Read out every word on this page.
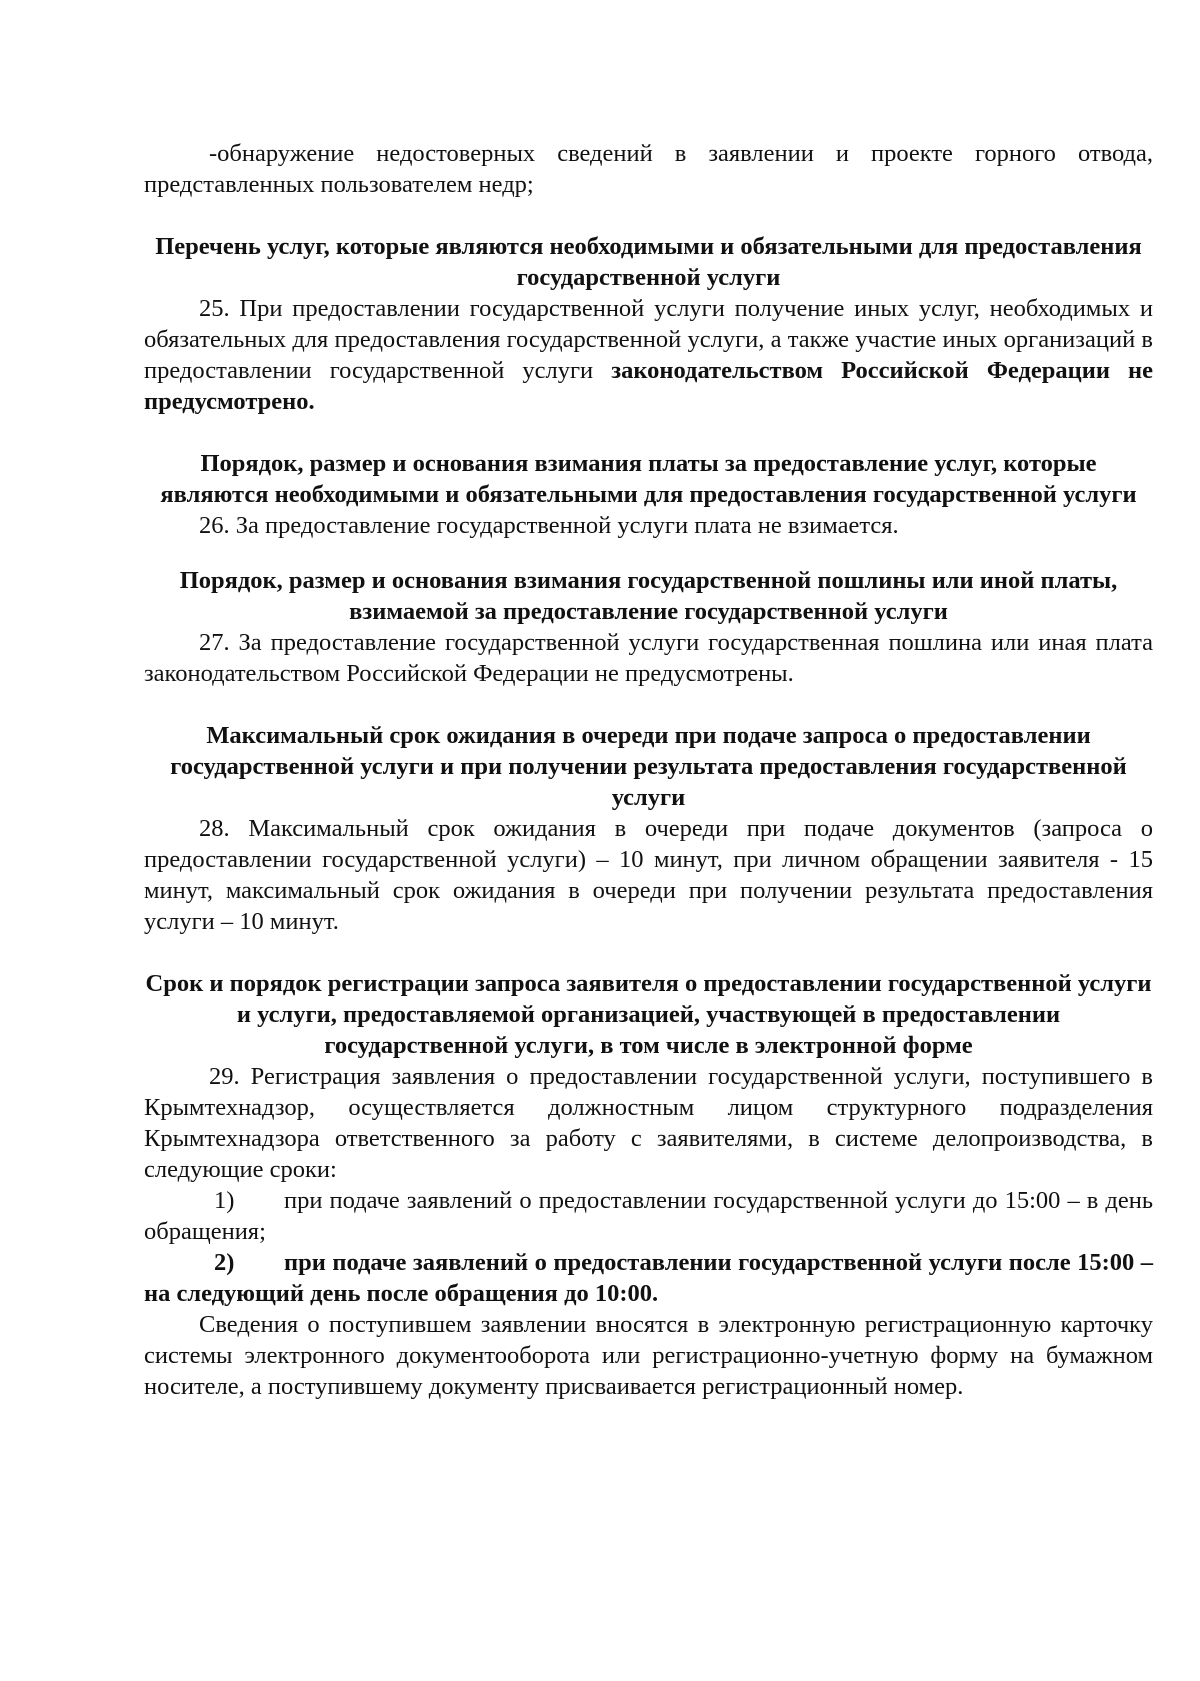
-обнаружение недостоверных сведений в заявлении и проекте горного отвода, представленных пользователем недр;

Перечень услуг, которые являются необходимыми и обязательными для предоставления государственной услуги

25. При предоставлении государственной услуги получение иных услуг, необходимых и обязательных для предоставления государственной услуги, а также участие иных организаций в предоставлении государственной услуги законодательством Российской Федерации не предусмотрено.

Порядок, размер и основания взимания платы за предоставление услуг, которые являются необходимыми и обязательными для предоставления государственной услуги

26. За предоставление государственной услуги плата не взимается.

Порядок, размер и основания взимания государственной пошлины или иной платы, взимаемой за предоставление государственной услуги

27. За предоставление государственной услуги государственная пошлина или иная плата законодательством Российской Федерации не предусмотрены.

Максимальный срок ожидания в очереди при подаче запроса о предоставлении государственной услуги и при получении результата предоставления государственной услуги

28. Максимальный срок ожидания в очереди при подаче документов (запроса о предоставлении государственной услуги) – 10 минут, при личном обращении заявителя - 15 минут, максимальный срок ожидания в очереди при получении результата предоставления услуги – 10 минут.

Срок и порядок регистрации запроса заявителя о предоставлении государственной услуги и услуги, предоставляемой организацией, участвующей в предоставлении государственной услуги, в том числе в электронной форме

29. Регистрация заявления о предоставлении государственной услуги, поступившего в Крымтехнадзор, осуществляется должностным лицом структурного подразделения Крымтехнадзора ответственного за работу с заявителями, в системе делопроизводства, в следующие сроки:

1) при подаче заявлений о предоставлении государственной услуги до 15:00 – в день обращения;

2) при подаче заявлений о предоставлении государственной услуги после 15:00 – на следующий день после обращения до 10:00.

Сведения о поступившем заявлении вносятся в электронную регистрационную карточку системы электронного документооборота или регистрационно-учетную форму на бумажном носителе, а поступившему документу присваивается регистрационный номер.
